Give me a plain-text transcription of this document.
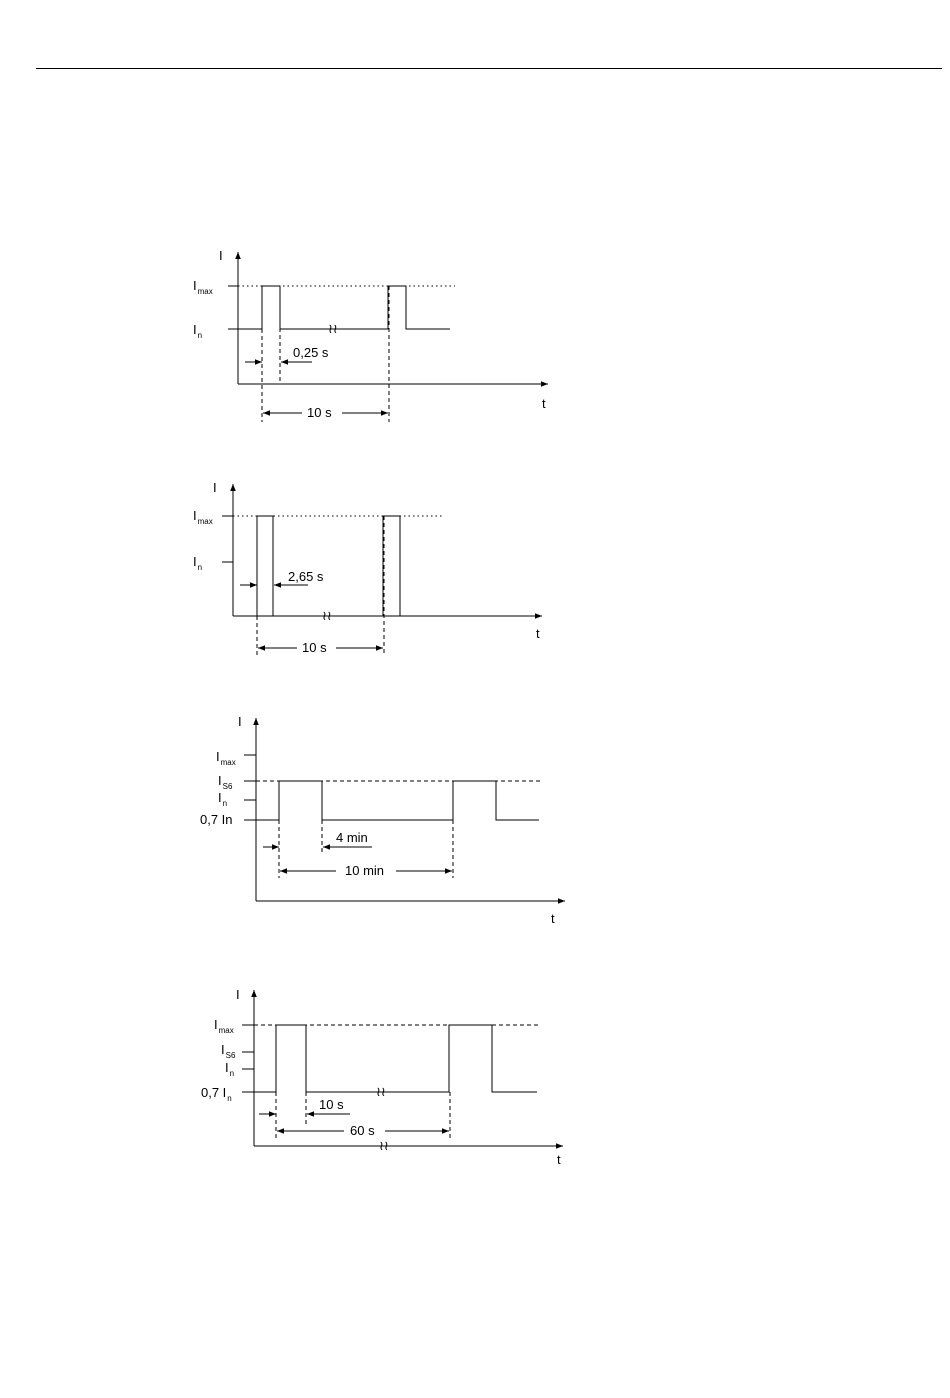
I
t
$I_{max}$
$I_n$	≀≀
0,25 s
10 s
I
t
$I_{max}$
$I_n$
≀≀
2,65 s
10 s
I
t
$I_{max}$
$I_{S6}$
$I_n$
0,7 In
4 min
10 min
I
t
≀≀
$I_{max}$
$I_{S6}$
$I_n$
0,7 $I_n$	≀≀
10 s
60 s
